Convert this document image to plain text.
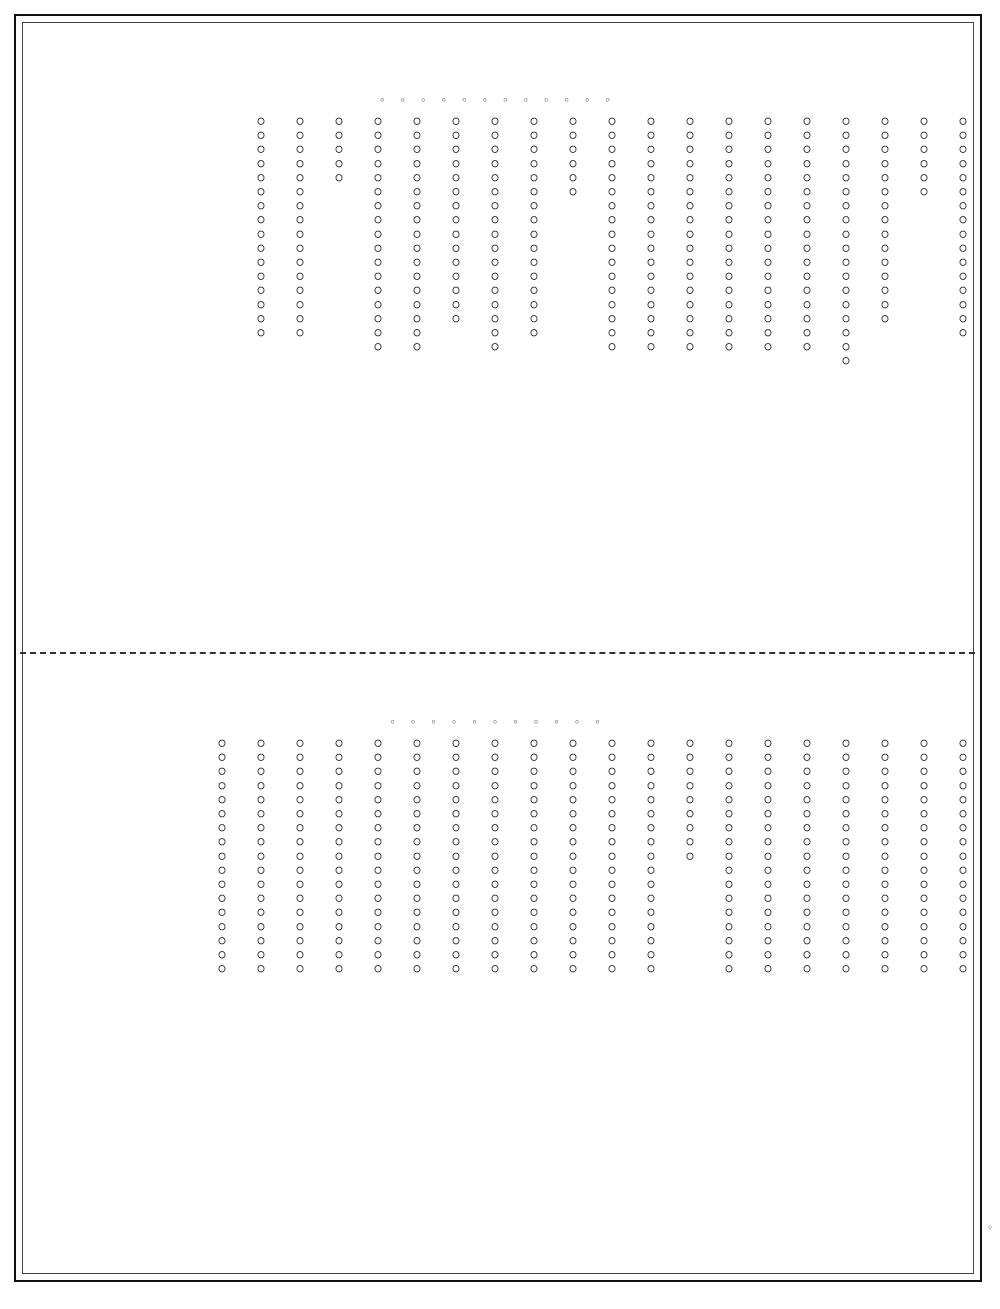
。 。 。 。 。 。 。 。 。 。 。 。
。。。。。。。。。。。。。。。。
。。。。。。
。。。。。。。。。。。。。。。
。。。。。。。。。。。。。。。。。。
。。。。。。。。。。。。。。。。。
。。。。。。。。。。。。。。。。。
。。。。。。。。。。。。。。。。。
。。。。。。。。。。。。。。。。。
。。。。。。。。。。。。。。。。。
。。。。。。。。。。。。。。。。。
。。。。。。
。。。。。。。。。。。。。。。。
。。。。。。。。。。。。。。。。。
。。。。。。。。。。。。。。。
。。。。。。。。。。。。。。。。。
。。。。。。。。。。。。。。。。。
。。。。。
。。。。。。。。。。。。。。。。
。。。。。。。。。。。。。。。。
。 。 。 。 。 。 。 。 。 。 。
。。。。。。。。。。。。。。。。。
。。。。。。。。。。。。。。。。。
。。。。。。。。。。。。。。。。。
。。。。。。。。。。。。。。。。。
。。。。。。。。。。。。。。。。。
。。。。。。。。。。。。。。。。。
。。。。。。。。。。。。。。。。。
。。。。。。。。。
。。。。。。。。。。。。。。。。。
。。。。。。。。。。。。。。。。。
。。。。。。。。。。。。。。。。。
。。。。。。。。。。。。。。。。。
。。。。。。。。。。。。。。。。。
。。。。。。。。。。。。。。。。。
。。。。。。。。。。。。。。。。。
。。。。。。。。。。。。。。。。。
。。。。。。。。。。。。。。。。。
。。。。。。。。。。。。。。。。。
。。。。。。。。。。。。。。。。。
。。。。。。。。。。。。。。。。。
。
